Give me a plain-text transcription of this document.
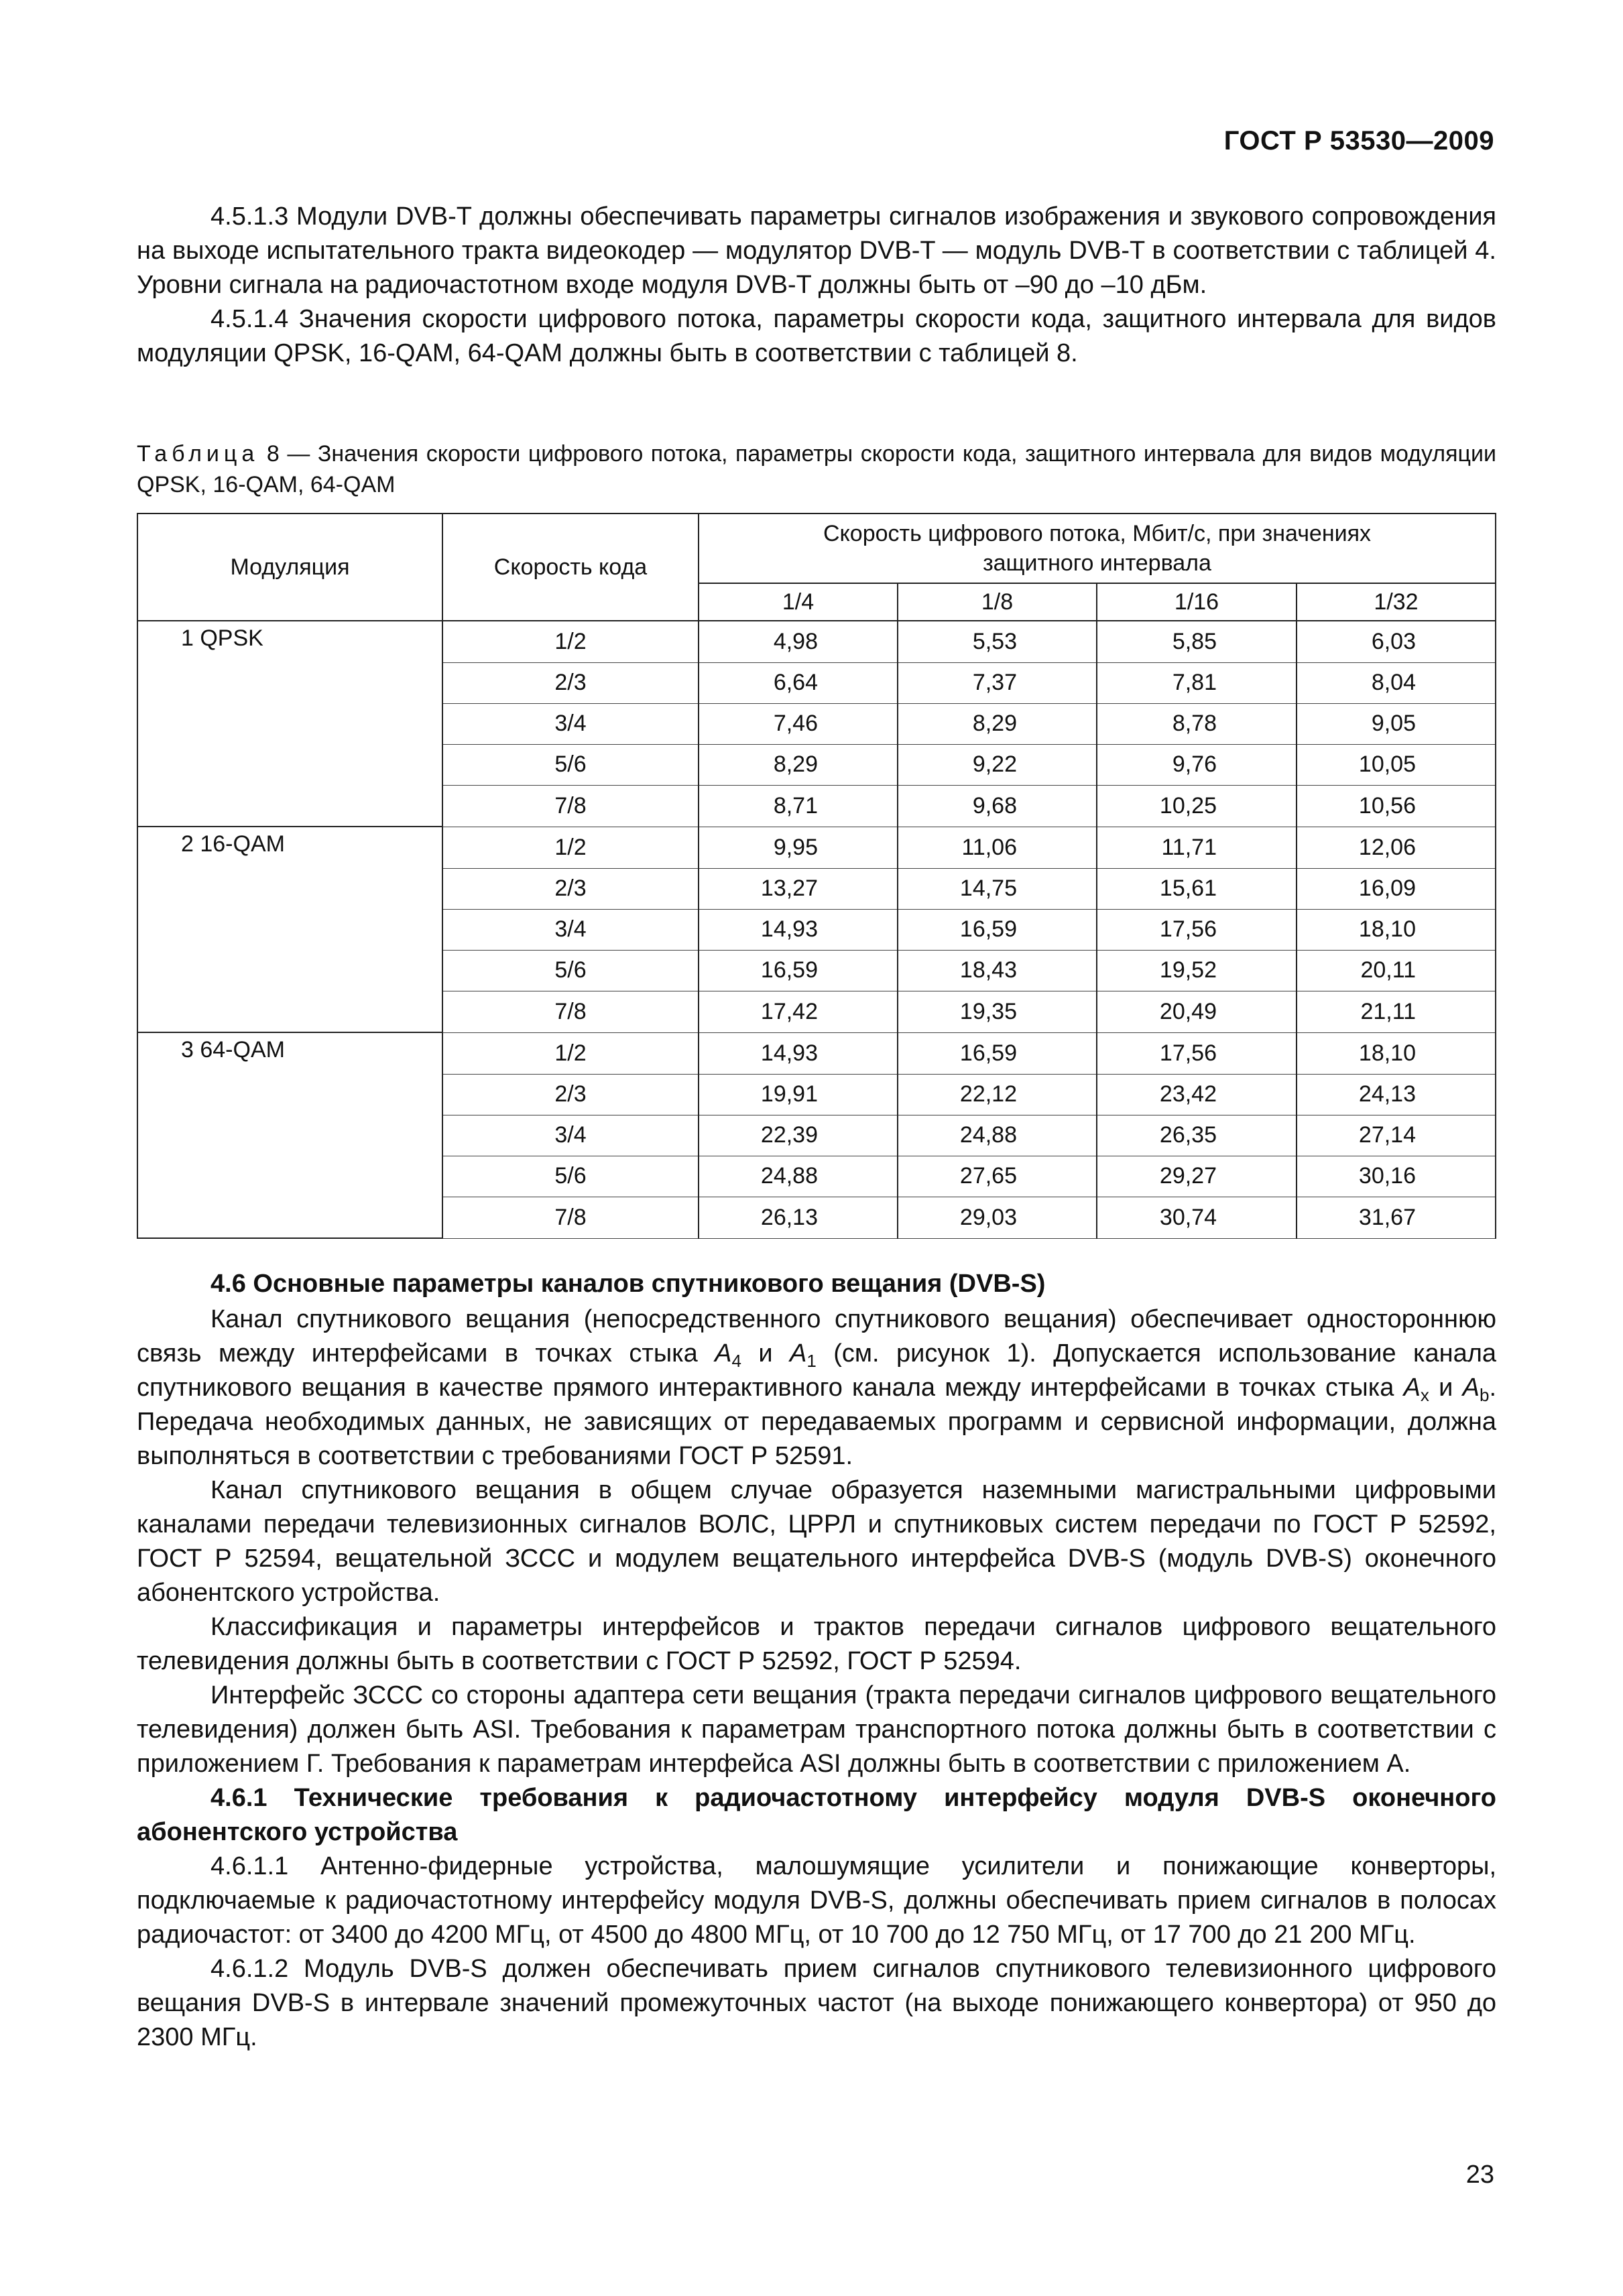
ГОСТ Р 53530—2009

4.5.1.3 Модули DVB-T должны обеспечивать параметры сигналов изображения и звукового сопровождения на выходе испытательного тракта видеокодер — модулятор DVB-T — модуль DVB-T в соответствии с таблицей 4. Уровни сигнала на радиочастотном входе модуля DVB-T должны быть от –90 до –10 дБм.

4.5.1.4 Значения скорости цифрового потока, параметры скорости кода, защитного интервала для видов модуляции QPSK, 16-QAM, 64-QAM должны быть в соответствии с таблицей 8.

Таблица 8 — Значения скорости цифрового потока, параметры скорости кода, защитного интервала для видов модуляции QPSK, 16-QAM, 64-QAM
Модуляция	Скорость кода	Скорость цифрового потока, Мбит/с, при значениях защитного интервала			
		1/4	1/8	1/16	1/32
1 QPSK	1/2	4,98	5,53	5,85	6,03
	2/3	6,64	7,37	7,81	8,04
	3/4	7,46	8,29	8,78	9,05
	5/6	8,29	9,22	9,76	10,05
	7/8	8,71	9,68	10,25	10,56
2 16-QAM	1/2	9,95	11,06	11,71	12,06
	2/3	13,27	14,75	15,61	16,09
	3/4	14,93	16,59	17,56	18,10
	5/6	16,59	18,43	19,52	20,11
	7/8	17,42	19,35	20,49	21,11
3 64-QAM	1/2	14,93	16,59	17,56	18,10
	2/3	19,91	22,12	23,42	24,13
	3/4	22,39	24,88	26,35	27,14
	5/6	24,88	27,65	29,27	30,16
	7/8	26,13	29,03	30,74	31,67

4.6 Основные параметры каналов спутникового вещания (DVB-S)

Канал спутникового вещания (непосредственного спутникового вещания) обеспечивает одностороннюю связь между интерфейсами в точках стыка $A_4$ и $A_1$ (см. рисунок 1). Допускается использование канала спутникового вещания в качестве прямого интерактивного канала между интерфейсами в точках стыка $A_x$ и $A_b$. Передача необходимых данных, не зависящих от передаваемых программ и сервисной информации, должна выполняться в соответствии с требованиями ГОСТ Р 52591.

Канал спутникового вещания в общем случае образуется наземными магистральными цифровыми каналами передачи телевизионных сигналов ВОЛС, ЦРРЛ и спутниковых систем передачи по ГОСТ Р 52592, ГОСТ Р 52594, вещательной ЗССС и модулем вещательного интерфейса DVB-S (модуль DVB-S) оконечного абонентского устройства.

Классификация и параметры интерфейсов и трактов передачи сигналов цифрового вещательного телевидения должны быть в соответствии с ГОСТ Р 52592, ГОСТ Р 52594.

Интерфейс ЗССС со стороны адаптера сети вещания (тракта передачи сигналов цифрового вещательного телевидения) должен быть ASI. Требования к параметрам транспортного потока должны быть в соответствии с приложением Г. Требования к параметрам интерфейса ASI должны быть в соответствии с приложением А.

4.6.1 Технические требования к радиочастотному интерфейсу модуля DVB-S оконечного абонентского устройства

4.6.1.1 Антенно-фидерные устройства, малошумящие усилители и понижающие конверторы, подключаемые к радиочастотному интерфейсу модуля DVB-S, должны обеспечивать прием сигналов в полосах радиочастот: от 3400 до 4200 МГц, от 4500 до 4800 МГц, от 10 700 до 12 750 МГц, от 17 700 до 21 200 МГц.

4.6.1.2 Модуль DVB-S должен обеспечивать прием сигналов спутникового телевизионного цифрового вещания DVB-S в интервале значений промежуточных частот (на выходе понижающего конвертора) от 950 до 2300 МГц.

23
